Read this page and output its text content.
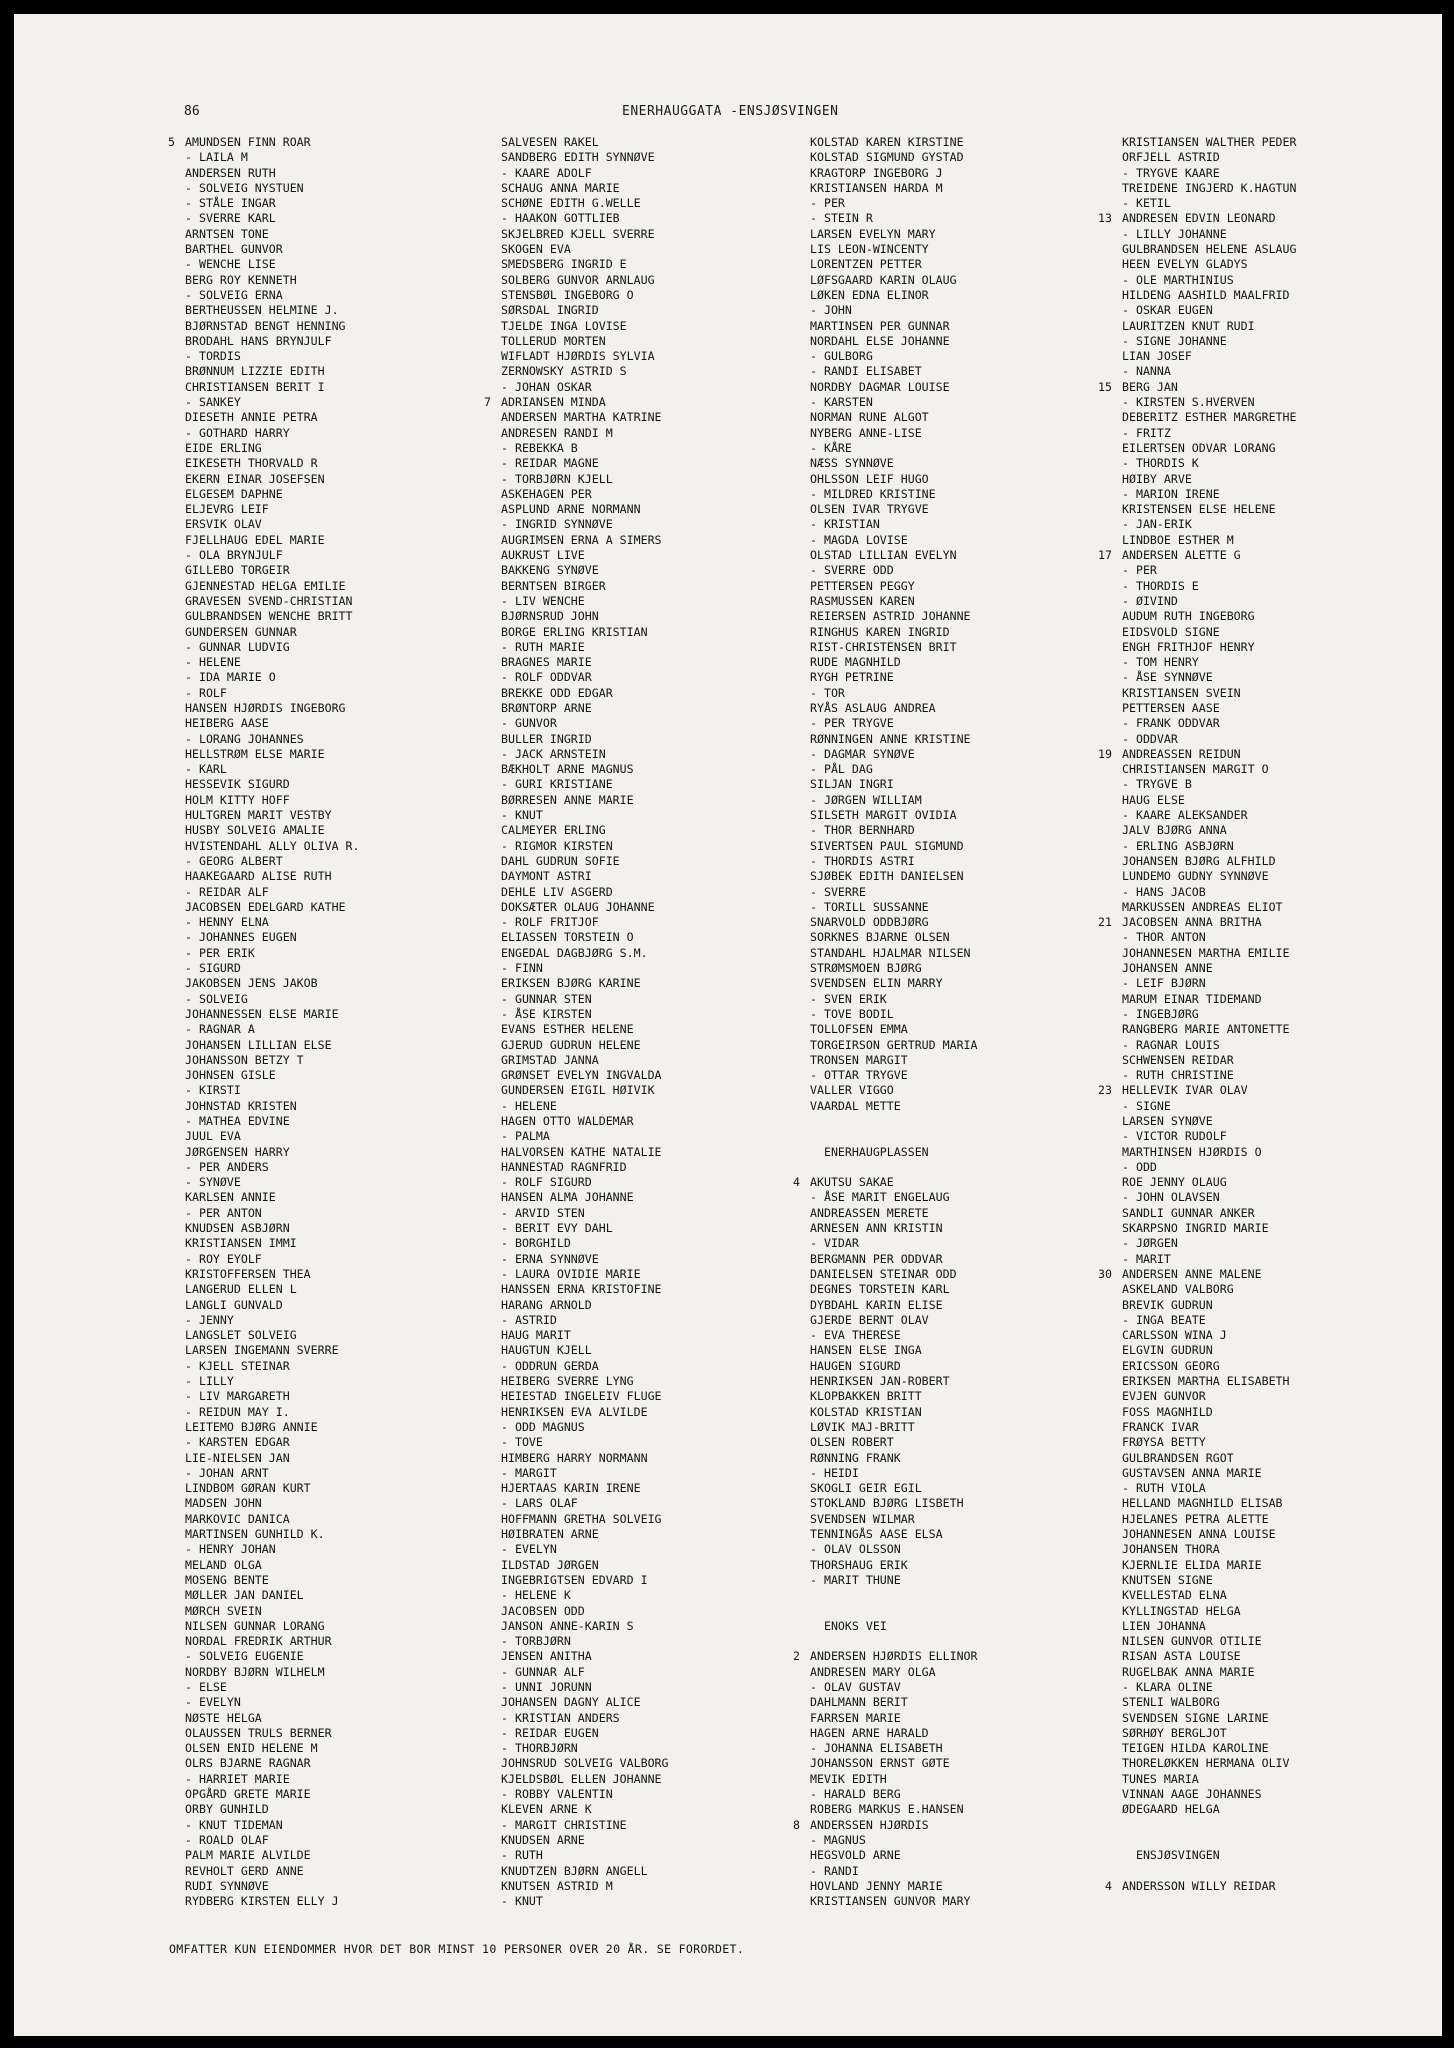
86	ENERHAUGGATA -ENSJØSVINGEN
5 AMUNDSEN FINN ROAR
- LAILA M
ANDERSEN RUTH
- SOLVEIG NYSTUEN
- STÅLE INGAR
- SVERRE KARL
ARNTSEN TONE
BARTHEL GUNVOR
- WENCHE LISE
BERG ROY KENNETH
- SOLVEIG ERNA
BERTHEUSSEN HELMINE J.
BJØRNSTAD BENGT HENNING
BRODAHL HANS BRYNJULF
- TORDIS
BRØNNUM LIZZIE EDITH
CHRISTIANSEN BERIT I
- SANKEY
DIESETH ANNIE PETRA
- GOTHARD HARRY
EIDE ERLING
EIKESETH THORVALD R
EKERN EINAR JOSEFSEN
ELGESEM DAPHNE
ELJEVRG LEIF
ERSVIK OLAV
FJELLHAUG EDEL MARIE
- OLA BRYNJULF
GILLEBO TORGEIR
GJENNESTAD HELGA EMILIE
GRAVESEN SVEND-CHRISTIAN
GULBRANDSEN WENCHE BRITT
GUNDERSEN GUNNAR
- GUNNAR LUDVIG
- HELENE
- IDA MARIE O
- ROLF
HANSEN HJØRDIS INGEBORG
HEIBERG AASE
- LORANG JOHANNES
HELLSTRØM ELSE MARIE
- KARL
HESSEVIK SIGURD
HOLM KITTY HOFF
HULTGREN MARIT VESTBY
HUSBY SOLVEIG AMALIE
HVISTENDAHL ALLY OLIVA R.
- GEORG ALBERT
HAAKEGAARD ALISE RUTH
- REIDAR ALF
JACOBSEN EDELGARD KATHE
- HENNY ELNA
- JOHANNES EUGEN
- PER ERIK
- SIGURD
JAKOBSEN JENS JAKOB
- SOLVEIG
JOHANNESSEN ELSE MARIE
- RAGNAR A
JOHANSEN LILLIAN ELSE
JOHANSSON BETZY T
JOHNSEN GISLE
- KIRSTI
JOHNSTAD KRISTEN
- MATHEA EDVINE
JUUL EVA
JØRGENSEN HARRY
- PER ANDERS
- SYNØVE
KARLSEN ANNIE
- PER ANTON
KNUDSEN ASBJØRN
KRISTIANSEN IMMI
- ROY EYOLF
KRISTOFFERSEN THEA
LANGERUD ELLEN L
LANGLI GUNVALD
- JENNY
LANGSLET SOLVEIG
LARSEN INGEMANN SVERRE
- KJELL STEINAR
- LILLY
- LIV MARGARETH
- REIDUN MAY I.
LEITEMO BJØRG ANNIE
- KARSTEN EDGAR
LIE-NIELSEN JAN
- JOHAN ARNT
LINDBOM GØRAN KURT
MADSEN JOHN
MARKOVIC DANICA
MARTINSEN GUNHILD K.
- HENRY JOHAN
MELAND OLGA
MOSENG BENTE
MØLLER JAN DANIEL
MØRCH SVEIN
NILSEN GUNNAR LORANG
NORDAL FREDRIK ARTHUR
- SOLVEIG EUGENIE
NORDBY BJØRN WILHELM
- ELSE
- EVELYN
NØSTE HELGA
OLAUSSEN TRULS BERNER
OLSEN ENID HELENE M
OLRS BJARNE RAGNAR
- HARRIET MARIE
OPGÅRD GRETE MARIE
ORBY GUNHILD
- KNUT TIDEMAN
- ROALD OLAF
PALM MARIE ALVILDE
REVHOLT GERD ANNE
RUDI SYNNØVE
RYDBERG KIRSTEN ELLY J
SALVESEN RAKEL
SANDBERG EDITH SYNNØVE
- KAARE ADOLF
SCHAUG ANNA MARIE
SCHØNE EDITH G.WELLE
- HAAKON GOTTLIEB
SKJELBRED KJELL SVERRE
SKOGEN EVA
SMEDSBERG INGRID E
SOLBERG GUNVOR ARNLAUG
STENSBØL INGEBORG O
SØRSDAL INGRID
TJELDE INGA LOVISE
TOLLERUD MORTEN
WIFLADT HJØRDIS SYLVIA
ZERNOWSKY ASTRID S
- JOHAN OSKAR
7 ADRIANSEN MINDA
ANDERSEN MARTHA KATRINE
ANDRESEN RANDI M
- REBEKKA B
- REIDAR MAGNE
- TORBJØRN KJELL
ASKEHAGEN PER
ASPLUND ARNE NORMANN
- INGRID SYNNØVE
AUGRIMSEN ERNA A SIMERS
AUKRUST LIVE
BAKKENG SYNØVE
BERNTSEN BIRGER
- LIV WENCHE
BJØRNSRUD JOHN
BORGE ERLING KRISTIAN
- RUTH MARIE
BRAGNES MARIE
- ROLF ODDVAR
BREKKE ODD EDGAR
BRØNTORP ARNE
- GUNVOR
BULLER INGRID
- JACK ARNSTEIN
BÆKHOLT ARNE MAGNUS
- GURI KRISTIANE
BØRRESEN ANNE MARIE
- KNUT
CALMEYER ERLING
- RIGMOR KIRSTEN
DAHL GUDRUN SOFIE
DAYMONT ASTRI
DEHLE LIV ASGERD
DOKSÆTER OLAUG JOHANNE
- ROLF FRITJOF
ELIASSEN TORSTEIN O
ENGEDAL DAGBJØRG S.M.
- FINN
ERIKSEN BJØRG KARINE
- GUNNAR STEN
- ÅSE KIRSTEN
EVANS ESTHER HELENE
GJERUD GUDRUN HELENE
GRIMSTAD JANNA
GRØNSET EVELYN INGVALDA
GUNDERSEN EIGIL HØIVIK
- HELENE
HAGEN OTTO WALDEMAR
- PALMA
HALVORSEN KATHE NATALIE
HANNESTAD RAGNFRID
- ROLF SIGURD
HANSEN ALMA JOHANNE
- ARVID STEN
- BERIT EVY DAHL
- BORGHILD
- ERNA SYNNØVE
- LAURA OVIDIE MARIE
HANSSEN ERNA KRISTOFINE
HARANG ARNOLD
- ASTRID
HAUG MARIT
HAUGTUN KJELL
- ODDRUN GERDA
HEIBERG SVERRE LYNG
HEIESTAD INGELEIV FLUGE
HENRIKSEN EVA ALVILDE
- ODD MAGNUS
- TOVE
HIMBERG HARRY NORMANN
- MARGIT
HJERTAAS KARIN IRENE
- LARS OLAF
HOFFMANN GRETHA SOLVEIG
HØIBRATEN ARNE
- EVELYN
ILDSTAD JØRGEN
INGEBRIGTSEN EDVARD I
- HELENE K
JACOBSEN ODD
JANSON ANNE-KARIN S
- TORBJØRN
JENSEN ANITHA
- GUNNAR ALF
- UNNI JORUNN
JOHANSEN DAGNY ALICE
- KRISTIAN ANDERS
- REIDAR EUGEN
- THORBJØRN
JOHNSRUD SOLVEIG VALBORG
KJELDSBØL ELLEN JOHANNE
- ROBBY VALENTIN
KLEVEN ARNE K
- MARGIT CHRISTINE
KNUDSEN ARNE
- RUTH
KNUDTZEN BJØRN ANGELL
KNUTSEN ASTRID M
- KNUT
KOLSTAD KAREN KIRSTINE
KOLSTAD SIGMUND GYSTAD
KRAGTORP INGEBORG J
KRISTIANSEN HARDA M
- PER
- STEIN R
LARSEN EVELYN MARY
LIS LEON-WINCENTY
LORENTZEN PETTER
LØFSGAARD KARIN OLAUG
LØKEN EDNA ELINOR
- JOHN
MARTINSEN PER GUNNAR
NORDAHL ELSE JOHANNE
- GULBORG
- RANDI ELISABET
NORDBY DAGMAR LOUISE
- KARSTEN
NORMAN RUNE ALGOT
NYBERG ANNE-LISE
- KÅRE
NÆSS SYNNØVE
OHLSSON LEIF HUGO
- MILDRED KRISTINE
OLSEN IVAR TRYGVE
- KRISTIAN
- MAGDA LOVISE
OLSTAD LILLIAN EVELYN
- SVERRE ODD
PETTERSEN PEGGY
RASMUSSEN KAREN
REIERSEN ASTRID JOHANNE
RINGHUS KAREN INGRID
RIST-CHRISTENSEN BRIT
RUDE MAGNHILD
RYGH PETRINE
- TOR
RYÅS ASLAUG ANDREA
- PER TRYGVE
RØNNINGEN ANNE KRISTINE
- DAGMAR SYNØVE
- PÅL DAG
SILJAN INGRI
- JØRGEN WILLIAM
SILSETH MARGIT OVIDIA
- THOR BERNHARD
SIVERTSEN PAUL SIGMUND
- THORDIS ASTRI
SJØBEK EDITH DANIELSEN
- SVERRE
- TORILL SUSSANNE
SNARVOLD ODDBJØRG
SORKNES BJARNE OLSEN
STANDAHL HJALMAR NILSEN
STRØMSMOEN BJØRG
SVENDSEN ELIN MARRY
- SVEN ERIK
- TOVE BODIL
TOLLOFSEN EMMA
TORGEIRSON GERTRUD MARIA
TRONSEN MARGIT
- OTTAR TRYGVE
VALLER VIGGO
VAARDAL METTE
ENERHAUGPLASSEN
4 AKUTSU SAKAE
- ÅSE MARIT ENGELAUG
ANDREASSEN MERETE
ARNESEN ANN KRISTIN
- VIDAR
BERGMANN PER ODDVAR
DANIELSEN STEINAR ODD
DEGNES TORSTEIN KARL
DYBDAHL KARIN ELISE
GJERDE BERNT OLAV
- EVA THERESE
HANSEN ELSE INGA
HAUGEN SIGURD
HENRIKSEN JAN-ROBERT
KLOPBAKKEN BRITT
KOLSTAD KRISTIAN
LØVIK MAJ-BRITT
OLSEN ROBERT
RØNNING FRANK
- HEIDI
SKOGLI GEIR EGIL
STOKLAND BJØRG LISBETH
SVENDSEN WILMAR
TENNINGÅS AASE ELSA
- OLAV OLSSON
THORSHAUG ERIK
- MARIT THUNE
ENOKS VEI
2 ANDERSEN HJØRDIS ELLINOR
ANDRESEN MARY OLGA
- OLAV GUSTAV
DAHLMANN BERIT
FARRSEN MARIE
HAGEN ARNE HARALD
- JOHANNA ELISABETH
JOHANSSON ERNST GØTE
MEVIK EDITH
- HARALD BERG
ROBERG MARKUS E.HANSEN
8 ANDERSSEN HJØRDIS
- MAGNUS
HEGSVOLD ARNE
- RANDI
HOVLAND JENNY MARIE
KRISTIANSEN GUNVOR MARY
KRISTIANSEN WALTHER PEDER
ORFJELL ASTRID
- TRYGVE KAARE
TREIDENE INGJERD K.HAGTUN
- KETIL
13 ANDRESEN EDVIN LEONARD
- LILLY JOHANNE
GULBRANDSEN HELENE ASLAUG
HEEN EVELYN GLADYS
- OLE MARTHINIUS
HILDENG AASHILD MAALFRID
- OSKAR EUGEN
LAURITZEN KNUT RUDI
- SIGNE JOHANNE
LIAN JOSEF
- NANNA
15 BERG JAN
- KIRSTEN S.HVERVEN
DEBERITZ ESTHER MARGRETHE
- FRITZ
EILERTSEN ODVAR LORANG
- THORDIS K
HØIBY ARVE
- MARION IRENE
KRISTENSEN ELSE HELENE
- JAN-ERIK
LINDBOE ESTHER M
17 ANDERSEN ALETTE G
- PER
- THORDIS E
- ØIVIND
AUDUM RUTH INGEBORG
EIDSVOLD SIGNE
ENGH FRITHJOF HENRY
- TOM HENRY
- ÅSE SYNNØVE
KRISTIANSEN SVEIN
PETTERSEN AASE
- FRANK ODDVAR
- ODDVAR
19 ANDREASSEN REIDUN
CHRISTIANSEN MARGIT O
- TRYGVE B
HAUG ELSE
- KAARE ALEKSANDER
JALV BJØRG ANNA
- ERLING ASBJØRN
JOHANSEN BJØRG ALFHILD
LUNDEMO GUDNY SYNNØVE
- HANS JACOB
MARKUSSEN ANDREAS ELIOT
21 JACOBSEN ANNA BRITHA
- THOR ANTON
JOHANNESEN MARTHA EMILIE
JOHANSEN ANNE
- LEIF BJØRN
MARUM EINAR TIDEMAND
- INGEBJØRG
RANGBERG MARIE ANTONETTE
- RAGNAR LOUIS
SCHWENSEN REIDAR
- RUTH CHRISTINE
23 HELLEVIK IVAR OLAV
- SIGNE
LARSEN SYNØVE
- VICTOR RUDOLF
MARTHINSEN HJØRDIS O
- ODD
ROE JENNY OLAUG
- JOHN OLAVSEN
SANDLI GUNNAR ANKER
SKARPSNO INGRID MARIE
- JØRGEN
- MARIT
30 ANDERSEN ANNE MALENE
ASKELAND VALBORG
BREVIK GUDRUN
- INGA BEATE
CARLSSON WINA J
ELGVIN GUDRUN
ERICSSON GEORG
ERIKSEN MARTHA ELISABETH
EVJEN GUNVOR
FOSS MAGNHILD
FRANCK IVAR
FRØYSA BETTY
GULBRANDSEN RGOT
GUSTAVSEN ANNA MARIE
- RUTH VIOLA
HELLAND MAGNHILD ELISAB
HJELANES PETRA ALETTE
JOHANNESEN ANNA LOUISE
JOHANSEN THORA
KJERNLIE ELIDA MARIE
KNUTSEN SIGNE
KVELLESTAD ELNA
KYLLINGSTAD HELGA
LIEN JOHANNA
NILSEN GUNVOR OTILIE
RISAN ASTA LOUISE
RUGELBAK ANNA MARIE
- KLARA OLINE
STENLI WALBORG
SVENDSEN SIGNE LARINE
SØRHØY BERGLJOT
TEIGEN HILDA KAROLINE
THORELØKKEN HERMANA OLIV
TUNES MARIA
VINNAN AAGE JOHANNES
ØDEGAARD HELGA
ENSJØSVINGEN
4 ANDERSSON WILLY REIDAR
OMFATTER KUN EIENDOMMER HVOR DET BOR MINST 10 PERSONER OVER 20 ÅR. SE FORORDET.
